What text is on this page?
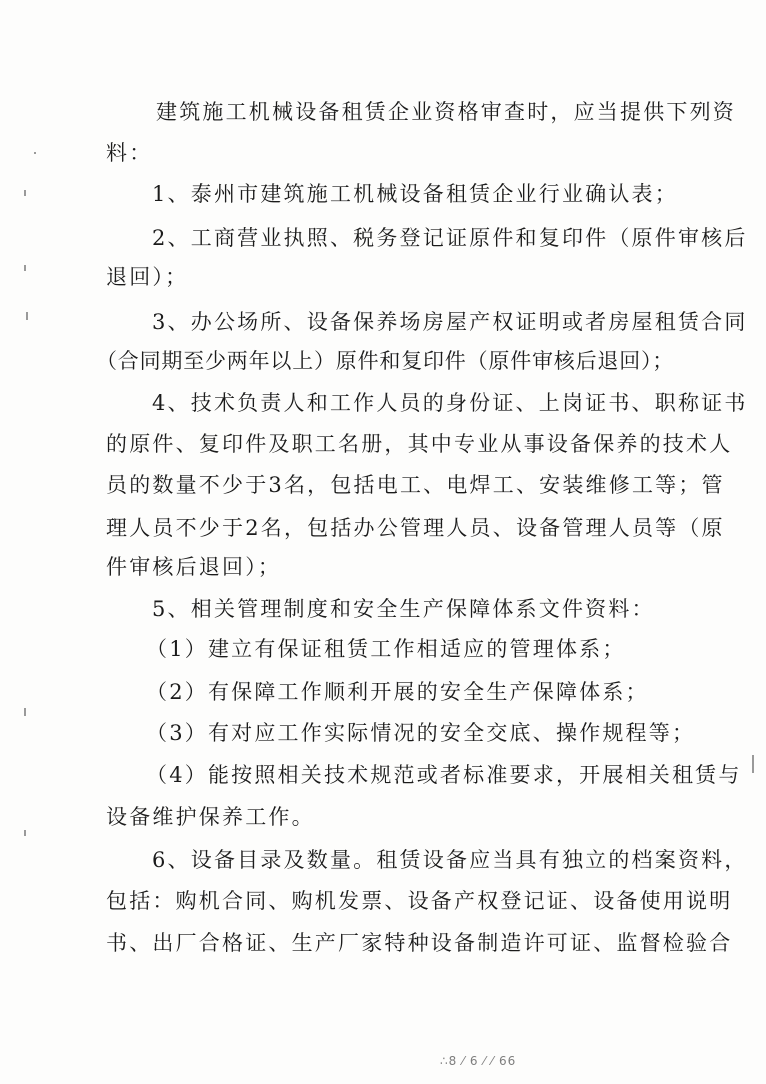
建筑施工机械设备租赁企业资格审查时，应当提供下列资
料：
1、泰州市建筑施工机械设备租赁企业行业确认表；
2、工商营业执照、税务登记证原件和复印件（原件审核后
退回）；
3、办公场所、设备保养场房屋产权证明或者房屋租赁合同
（合同期至少两年以上）原件和复印件（原件审核后退回）；
4、技术负责人和工作人员的身份证、上岗证书、职称证书
的原件、复印件及职工名册，其中专业从事设备保养的技术人
员的数量不少于3名，包括电工、电焊工、安装维修工等；管
理人员不少于2名，包括办公管理人员、设备管理人员等（原
件审核后退回）；
5、相关管理制度和安全生产保障体系文件资料：
（1）建立有保证租赁工作相适应的管理体系；
（2）有保障工作顺利开展的安全生产保障体系；
（3）有对应工作实际情况的安全交底、操作规程等；
（4）能按照相关技术规范或者标准要求，开展相关租赁与
设备维护保养工作。
6、设备目录及数量。租赁设备应当具有独立的档案资料，
包括：购机合同、购机发票、设备产权登记证、设备使用说明
书、出厂合格证、生产厂家特种设备制造许可证、监督检验合
∴8 ⁄ 6 ⁄ ⁄ 66
